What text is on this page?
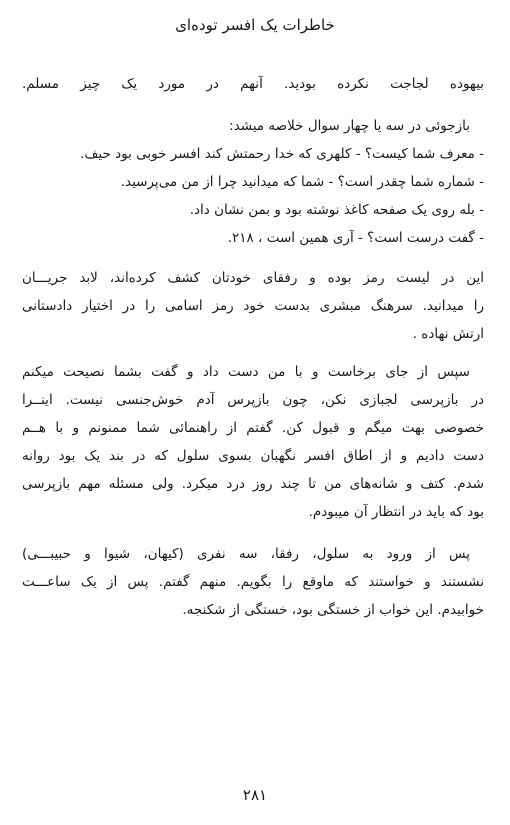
خاطرات یک افسر توده‌ای
بیهوده لجاجت نکرده بودید. آنهم در مورد یک چیز مسلم.
بازجوئی در سه یا چهار سوال خلاصه میشد:
- معرف شما کیست؟ - کلهری که خدا رحمتش کند افسر خوبی بود حیف.
- شماره شما چقدر است؟ - شما که میدانید چرا از من می‌پرسید.
- بله روی یک صفحه کاغذ نوشته بود و بمن نشان داد.
- گفت درست است؟ - آری همین است ، ۲۱۸.
این در لیست رمز بوده و رفقای خودتان کشف کرده‌اند، لابد جریـــان
را میدانید. سرهنگ مبشری بدست خود رمز اسامی را در اختیار دادستانی
ارتش نهاده .
سپس از جای برخاست و با من دست داد و گفت بشما نصیحت میکنم
در بازپرسی لجبازی نکن، چون بازپرس آدم خوش‌جنسی نیست. اینــرا
خصوصی بهت میگم و قبول کن. گفتم از راهنمائی شما ممنونم و با هــم
دست دادیم و از اطاق افسر نگهبان بسوی سلول که در بند یک بود روانه
شدم. کتف و شانه‌های من تا چند روز درد میکرد. ولی مسئله مهم بازپرسی
بود که باید در انتظار آن میبودم.
پس از ورود به سلول، رفقا، سه نفری (کیهان، شیوا و حبیبـــی)
نشستند و خواستند که ماوقع را بگویم. منهم گفتم. پس از یک ساعـــت
خوابیدم. این خواب از خستگی بود، خستگی از شکنجه.
۲۸۱
